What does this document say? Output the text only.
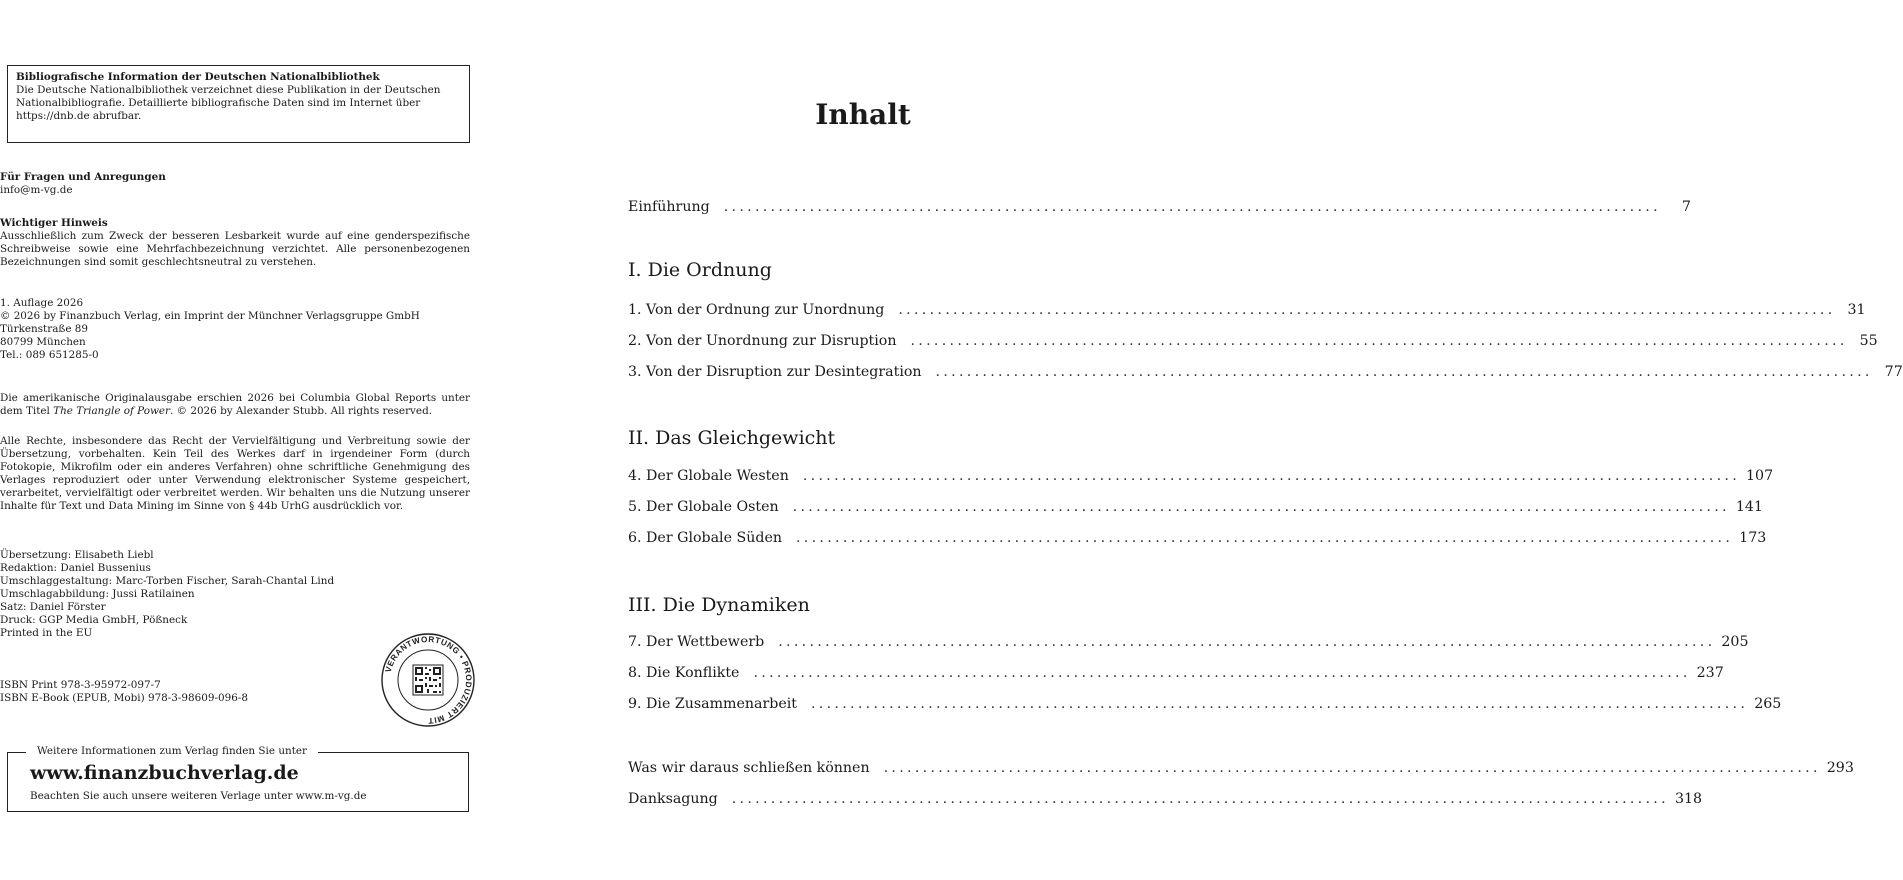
Bibliografische Information der Deutschen Nationalbibliothek
Die Deutsche Nationalbibliothek verzeichnet diese Publikation in der Deutschen
Nationalbibliografie. Detaillierte bibliografische Daten sind im Internet über
https://dnb.de abrufbar.
Für Fragen und Anregungen
info@m-vg.de
Wichtiger Hinweis
Ausschließlich zum Zweck der besseren Lesbarkeit wurde auf eine genderspezifische Schreibweise sowie eine Mehrfachbezeichnung verzichtet. Alle personenbezogenen Bezeichnungen sind somit geschlechtsneutral zu verstehen.
1. Auflage 2026
© 2026 by Finanzbuch Verlag, ein Imprint der Münchner Verlagsgruppe GmbH
Türkenstraße 89
80799 München
Tel.: 089 651285-0
Die amerikanische Originalausgabe erschien 2026 bei Columbia Global Reports unter dem Titel The Triangle of Power. © 2026 by Alexander Stubb. All rights reserved.
Alle Rechte, insbesondere das Recht der Vervielfältigung und Verbreitung sowie der Übersetzung, vorbehalten. Kein Teil des Werkes darf in irgendeiner Form (durch Fotokopie, Mikrofilm oder ein anderes Verfahren) ohne schriftliche Genehmigung des Verlages reproduziert oder unter Verwendung elektronischer Systeme gespeichert, verarbeitet, vervielfältigt oder verbreitet werden. Wir behalten uns die Nutzung unserer Inhalte für Text und Data Mining im Sinne von § 44b UrhG ausdrücklich vor.
Übersetzung: Elisabeth Liebl
Redaktion: Daniel Bussenius
Umschlaggestaltung: Marc-Torben Fischer, Sarah-Chantal Lind
Umschlagabbildung: Jussi Ratilainen
Satz: Daniel Förster
Druck: GGP Media GmbH, Pößneck
Printed in the EU
ISBN Print 978-3-95972-097-7
ISBN E-Book (EPUB, Mobi) 978-3-98609-096-8
VERANTWORTUNG • PRODUZIERT MIT
Weitere Informationen zum Verlag finden Sie unter
www.finanzbuchverlag.de
Beachten Sie auch unsere weiteren Verlage unter www.m-vg.de
Inhalt
Einführung ........................................................................................................................	7
I. Die Ordnung
1. Von der Ordnung zur Unordnung ........................................................................................................................ 31
2. Von der Unordnung zur Disruption ........................................................................................................................ 55
3. Von der Disruption zur Desintegration ........................................................................................................................ 77
II. Das Gleichgewicht
4. Der Globale Westen ........................................................................................................................ 107
5. Der Globale Osten ........................................................................................................................ 141
6. Der Globale Süden ........................................................................................................................ 173
III. Die Dynamiken
7. Der Wettbewerb ........................................................................................................................ 205
8. Die Konflikte ........................................................................................................................ 237
9. Die Zusammenarbeit ........................................................................................................................ 265
Was wir daraus schließen können ........................................................................................................................ 293
Danksagung ........................................................................................................................ 318
